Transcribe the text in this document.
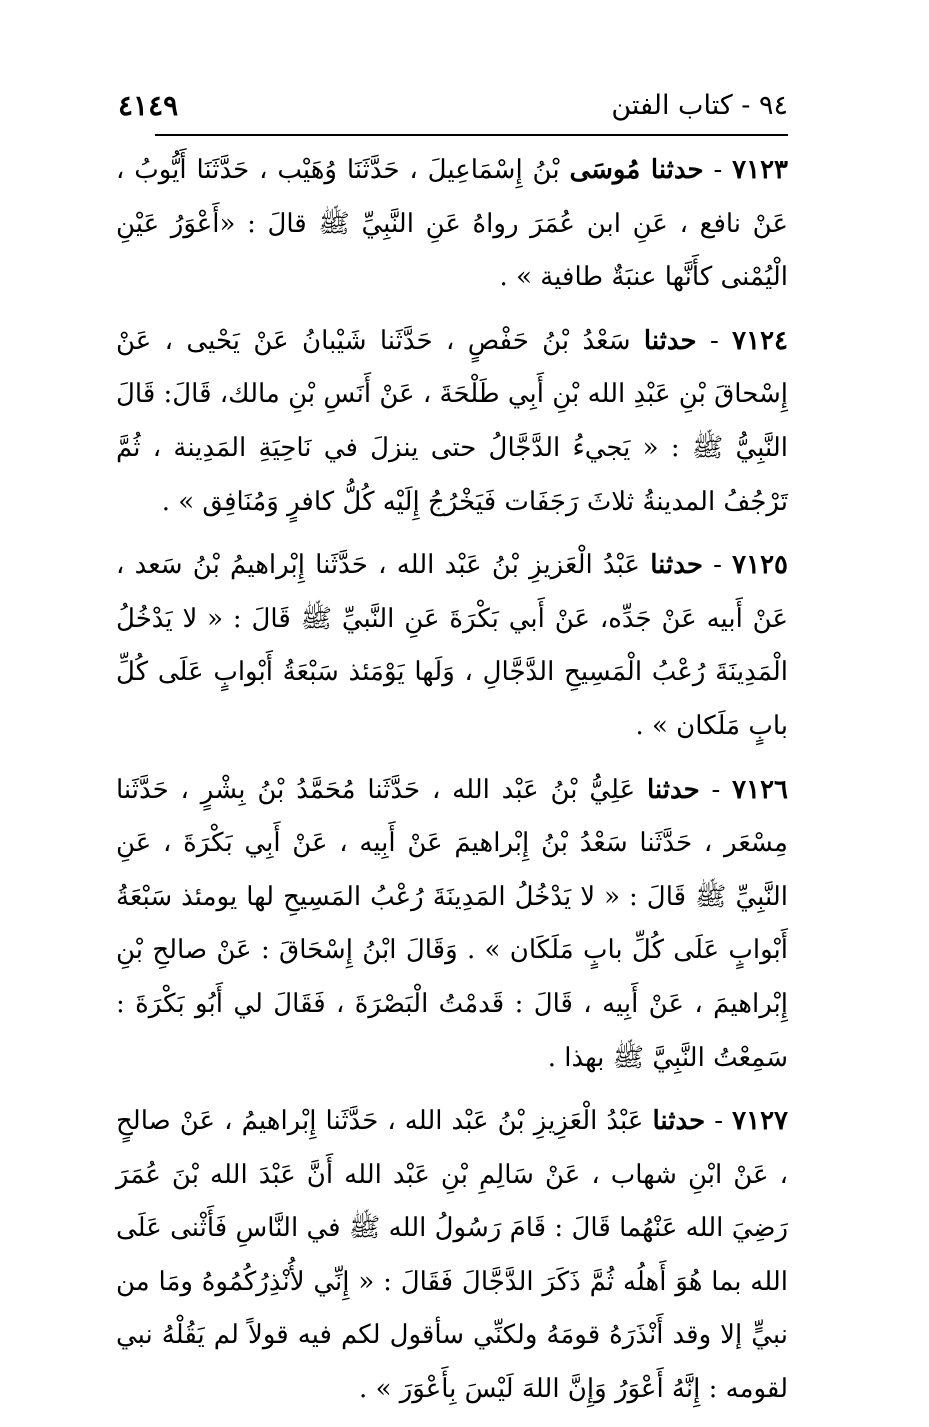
٩٤ - كتاب الفتن
٤١٤٩

٧١٢٣ - حدثنا مُوسَى بْنُ إِسْمَاعِيلَ ، حَدَّثَنَا وُهَيْب ، حَدَّثَنَا أَيُّوبُ ، عَنْ نافع ، عَنِ ابن عُمَرَ رواهُ عَنِ النَّبِيِّ ﷺ قالَ : «أَعْوَرُ عَيْنِ الْيُمْنى كأَنَّها عنبَةٌ طافية » .

٧١٢٤ - حدثنا سَعْدُ بْنُ حَفْصٍ ، حَدَّثَنا شَيْبانُ عَنْ يَحْيى ، عَنْ إِسْحاقَ بْنِ عَبْدِ الله بْنِ أَبِي طَلْحَةَ ، عَنْ أَنَسِ بْنِ مالك، قَالَ: قَالَ النَّبِيُّ ﷺ : « يَجيءُ الدَّجَّالُ حتى ينزلَ في نَاحِيَةِ المَدِينة ، ثُمَّ تَرْجُفُ المدينةُ ثلاثَ رَجَفَات فَيَخْرُجُ إِلَيْه كُلُّ كافرٍ وَمُنَافِق » .

٧١٢٥ - حدثنا عَبْدُ الْعَزيزِ بْنُ عَبْد الله ، حَدَّثَنا إِبْراهيمُ بْنُ سَعد ، عَنْ أَبيه عَنْ جَدِّه، عَنْ أَبي بَكْرَةَ عَنِ النَّبيِّ ﷺ قَالَ : « لا يَدْخُلُ الْمَدِينَةَ رُعْبُ الْمَسِيحِ الدَّجَّالِ ، وَلَها يَوْمَئذ سَبْعَةُ أَبْوابٍ عَلَى كُلِّ بابٍ مَلَكان » .

٧١٢٦ - حدثنا عَلِيُّ بْنُ عَبْد الله ، حَدَّثَنا مُحَمَّدُ بْنُ بِشْرٍ ، حَدَّثَنا مِسْعَر ، حَدَّثَنا سَعْدُ بْنُ إِبْراهيمَ عَنْ أَبِيه ، عَنْ أَبِي بَكْرَةَ ، عَنِ النَّبِيِّ ﷺ قَالَ : « لا يَدْخُلُ المَدِينَةَ رُعْبُ المَسِيحِ لها يومئذ سَبْعَةُ أَبْوابٍ عَلَى كُلِّ بابٍ مَلَكَان » . وَقَالَ ابْنُ إِسْحَاقَ : عَنْ صالحِ بْنِ إِبْراهيمَ ، عَنْ أَبِيه ، قَالَ : قَدمْتُ الْبَصْرَةَ ، فَقَالَ لي أَبُو بَكْرَةَ : سَمِعْتُ النَّبِيَّ ﷺ بهذا .

٧١٢٧ - حدثنا عَبْدُ الْعَزِيزِ بْنُ عَبْد الله ، حَدَّثَنا إِبْراهيمُ ، عَنْ صالحٍ ، عَنْ ابْنِ شهاب ، عَنْ سَالِمِ بْنِ عَبْد الله أَنَّ عَبْدَ الله بْنَ عُمَرَ رَضِيَ الله عَنْهُما قَالَ : قَامَ رَسُولُ الله ﷺ في النَّاسِ فَأَثْنى عَلَى الله بما هُوَ أَهلُه ثُمَّ ذَكَرَ الدَّجَّالَ فَقَالَ : « إِنِّي لأُنْذِرُكُمُوهُ ومَا من نبيٍّ إلا وقد أَنْذَرَهُ قومَهُ ولكنِّي سأقول لكم فيه قولاً لم يَقُلْهُ نبي لقومه : إِنَّهُ أَعْوَرُ وَإِنَّ اللهَ لَيْسَ بِأَعْوَرَ » .
